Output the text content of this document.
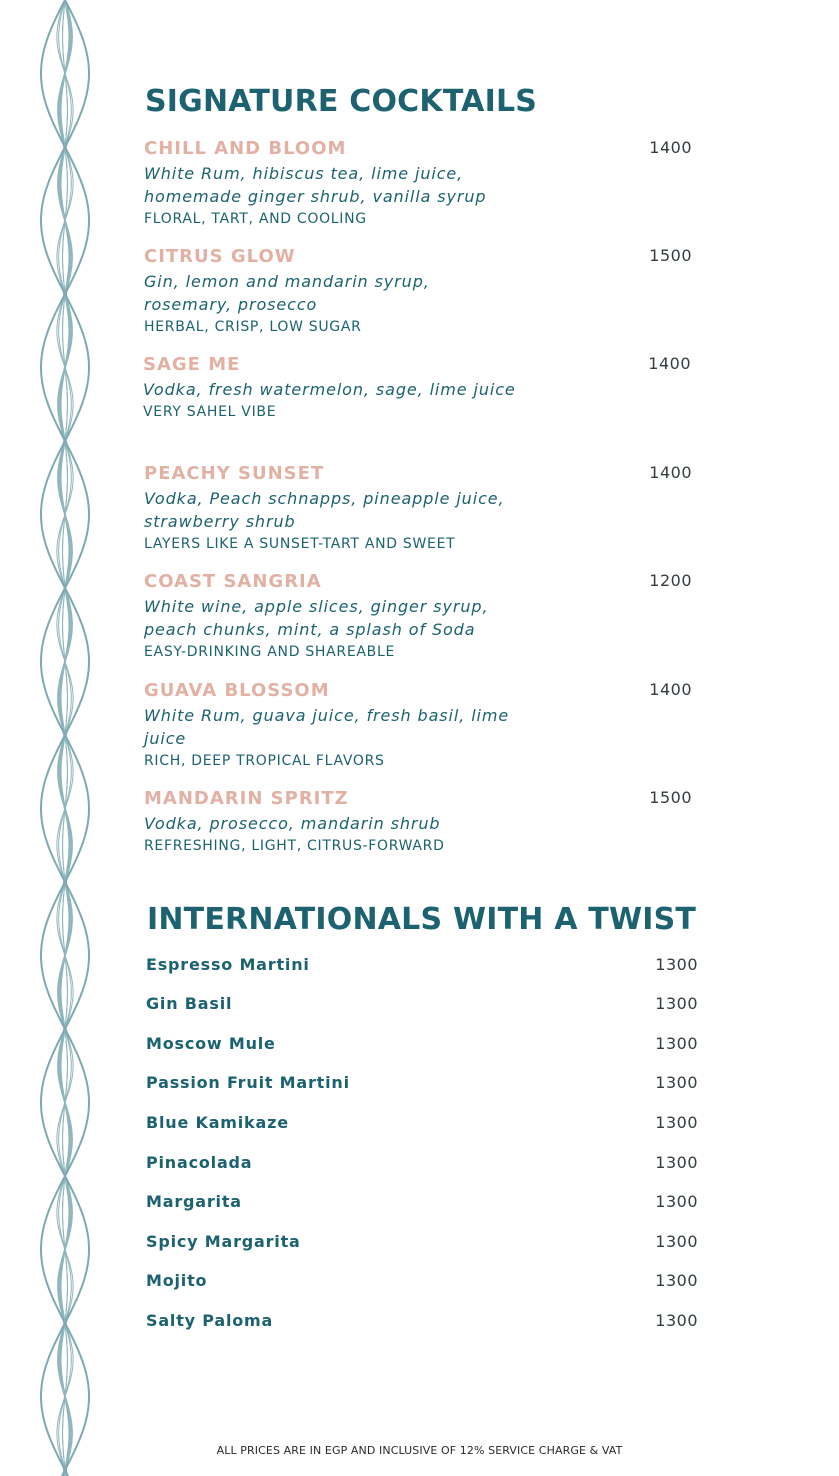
SIGNATURE COCKTAILS
CHILL AND BLOOM
White Rum, hibiscus tea, lime juice, homemade ginger shrub, vanilla syrup
FLORAL, TART, AND COOLING
1400
CITRUS GLOW
Gin, lemon and mandarin syrup, rosemary, prosecco
HERBAL, CRISP, LOW SUGAR
1500
SAGE ME
Vodka, fresh watermelon, sage, lime juice
VERY SAHEL VIBE
1400
PEACHY SUNSET
Vodka, Peach schnapps, pineapple juice, strawberry shrub
LAYERS LIKE A SUNSET-TART AND SWEET
1400
COAST SANGRIA
White wine, apple slices, ginger syrup, peach chunks, mint, a splash of Soda
EASY-DRINKING AND SHAREABLE
1200
GUAVA BLOSSOM
White Rum, guava juice, fresh basil, lime juice
RICH, DEEP TROPICAL FLAVORS
1400
MANDARIN SPRITZ
Vodka, prosecco, mandarin shrub
REFRESHING, LIGHT, CITRUS-FORWARD
1500
INTERNATIONALS WITH A TWIST
Espresso Martini	1300
Gin Basil	1300
Moscow Mule	1300
Passion Fruit Martini	1300
Blue Kamikaze	1300
Pinacolada	1300
Margarita	1300
Spicy Margarita	1300
Mojito	1300
Salty Paloma	1300
ALL PRICES ARE IN EGP AND INCLUSIVE OF 12% SERVICE CHARGE & VAT
